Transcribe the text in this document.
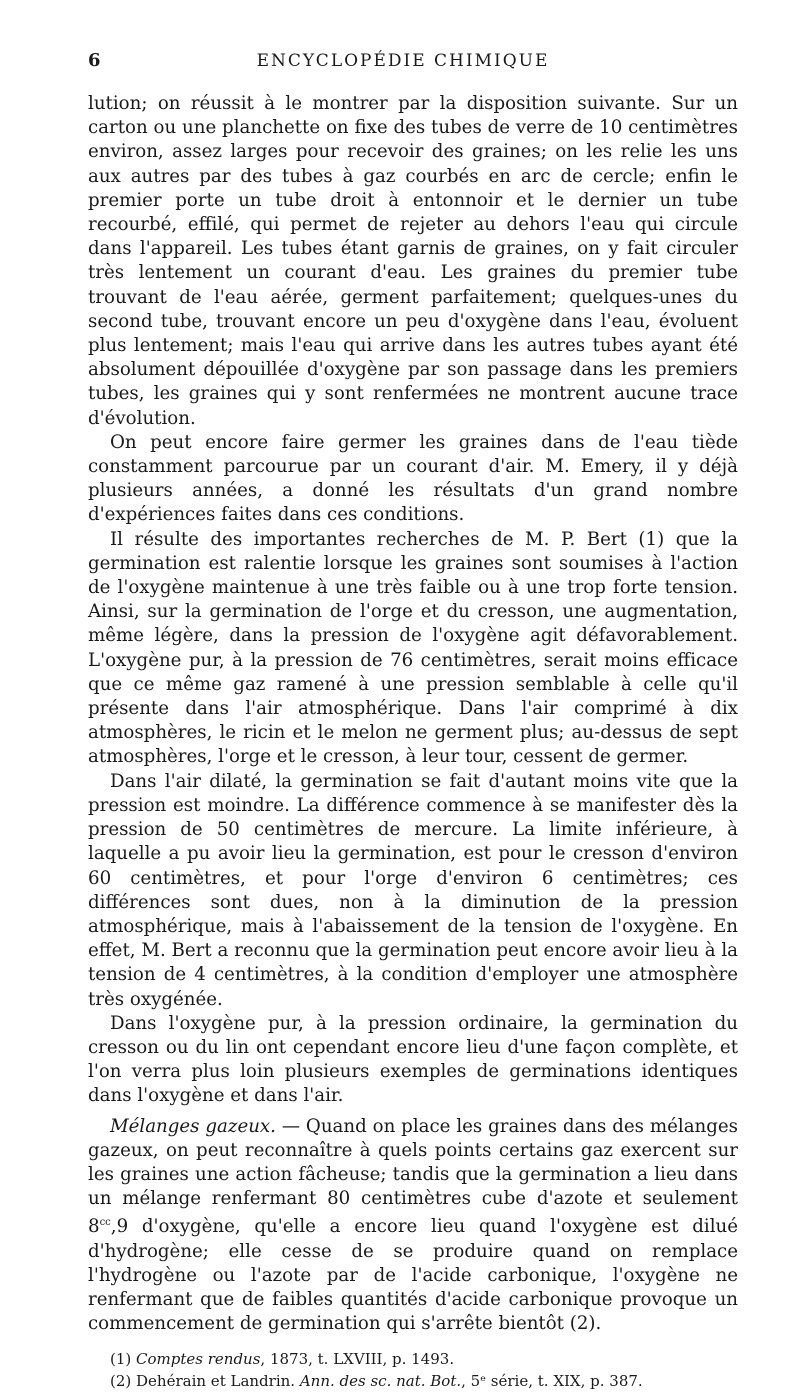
6	ENCYCLOPÉDIE CHIMIQUE

lution; on réussit à le montrer par la disposition suivante. Sur un carton ou une planchette on fixe des tubes de verre de 10 centimètres environ, assez larges pour recevoir des graines; on les relie les uns aux autres par des tubes à gaz courbés en arc de cercle; enfin le premier porte un tube droit à entonnoir et le dernier un tube recourbé, effilé, qui permet de rejeter au dehors l'eau qui circule dans l'appareil. Les tubes étant garnis de graines, on y fait circuler très lentement un courant d'eau. Les graines du premier tube trouvant de l'eau aérée, germent parfaitement; quelques-unes du second tube, trouvant encore un peu d'oxygène dans l'eau, évoluent plus lentement; mais l'eau qui arrive dans les autres tubes ayant été absolument dépouillée d'oxygène par son passage dans les premiers tubes, les graines qui y sont renfermées ne montrent aucune trace d'évolution.

On peut encore faire germer les graines dans de l'eau tiède constamment parcourue par un courant d'air. M. Emery, il y déjà plusieurs années, a donné les résultats d'un grand nombre d'expériences faites dans ces conditions.

Il résulte des importantes recherches de M. P. Bert (1) que la germination est ralentie lorsque les graines sont soumises à l'action de l'oxygène maintenue à une très faible ou à une trop forte tension. Ainsi, sur la germination de l'orge et du cresson, une augmentation, même légère, dans la pression de l'oxygène agit défavorablement. L'oxygène pur, à la pression de 76 centimètres, serait moins efficace que ce même gaz ramené à une pression semblable à celle qu'il présente dans l'air atmosphérique. Dans l'air comprimé à dix atmosphères, le ricin et le melon ne germent plus; au-dessus de sept atmosphères, l'orge et le cresson, à leur tour, cessent de germer.

Dans l'air dilaté, la germination se fait d'autant moins vite que la pression est moindre. La différence commence à se manifester dès la pression de 50 centimètres de mercure. La limite inférieure, à laquelle a pu avoir lieu la germination, est pour le cresson d'environ 60 centimètres, et pour l'orge d'environ 6 centimètres; ces différences sont dues, non à la diminution de la pression atmosphérique, mais à l'abaissement de la tension de l'oxygène. En effet, M. Bert a reconnu que la germination peut encore avoir lieu à la tension de 4 centimètres, à la condition d'employer une atmosphère très oxygénée.

Dans l'oxygène pur, à la pression ordinaire, la germination du cresson ou du lin ont cependant encore lieu d'une façon complète, et l'on verra plus loin plusieurs exemples de germinations identiques dans l'oxygène et dans l'air.

Mélanges gazeux. — Quand on place les graines dans des mélanges gazeux, on peut reconnaître à quels points certains gaz exercent sur les graines une action fâcheuse; tandis que la germination a lieu dans un mélange renfermant 80 centimètres cube d'azote et seulement $8^{cc},9$ d'oxygène, qu'elle a encore lieu quand l'oxygène est dilué d'hydrogène; elle cesse de se produire quand on remplace l'hydrogène ou l'azote par de l'acide carbonique, l'oxygène ne renfermant que de faibles quantités d'acide carbonique provoque un commencement de germination qui s'arrête bientôt (2).

(1) Comptes rendus, 1873, t. LXVIII, p. 1493.

(2) Dehérain et Landrin. Ann. des sc. nat. Bot., 5ᵉ série, t. XIX, p. 387.
